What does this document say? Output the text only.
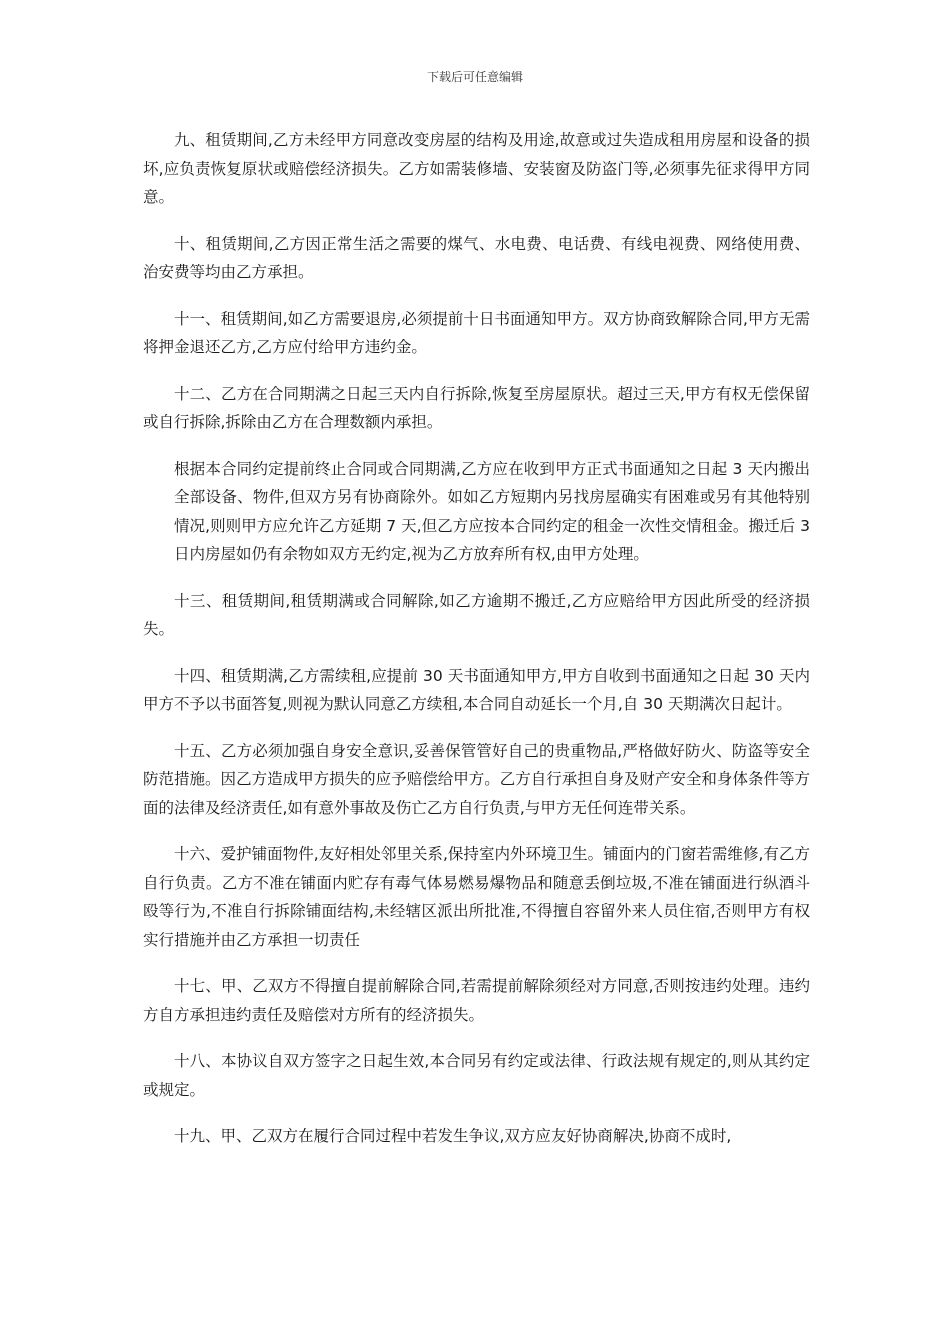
下载后可任意编辑

九、租赁期间,乙方未经甲方同意改变房屋的结构及用途,故意或过失造成租用房屋和设备的损坏,应负责恢复原状或赔偿经济损失。乙方如需装修墙、安装窗及防盗门等,必须事先征求得甲方同意。

十、租赁期间,乙方因正常生活之需要的煤气、水电费、电话费、有线电视费、网络使用费、治安费等均由乙方承担。

十一、租赁期间,如乙方需要退房,必须提前十日书面通知甲方。双方协商致解除合同,甲方无需将押金退还乙方,乙方应付给甲方违约金。

十二、乙方在合同期满之日起三天内自行拆除,恢复至房屋原状。超过三天,甲方有权无偿保留或自行拆除,拆除由乙方在合理数额内承担。

根据本合同约定提前终止合同或合同期满,乙方应在收到甲方正式书面通知之日起 3 天内搬出全部设备、物件,但双方另有协商除外。如如乙方短期内另找房屋确实有困难或另有其他特别情况,则则甲方应允许乙方延期 7 天,但乙方应按本合同约定的租金一次性交情租金。搬迁后 3 日内房屋如仍有余物如双方无约定,视为乙方放弃所有权,由甲方处理。

十三、租赁期间,租赁期满或合同解除,如乙方逾期不搬迁,乙方应赔给甲方因此所受的经济损失。

十四、租赁期满,乙方需续租,应提前 30 天书面通知甲方,甲方自收到书面通知之日起 30 天内甲方不予以书面答复,则视为默认同意乙方续租,本合同自动延长一个月,自 30 天期满次日起计。

十五、乙方必须加强自身安全意识,妥善保管管好自己的贵重物品,严格做好防火、防盗等安全防范措施。因乙方造成甲方损失的应予赔偿给甲方。乙方自行承担自身及财产安全和身体条件等方面的法律及经济责任,如有意外事故及伤亡乙方自行负责,与甲方无任何连带关系。

十六、爱护铺面物件,友好相处邻里关系,保持室内外环境卫生。铺面内的门窗若需维修,有乙方自行负责。乙方不准在铺面内贮存有毒气体易燃易爆物品和随意丢倒垃圾,不准在铺面进行纵酒斗殴等行为,不准自行拆除铺面结构,未经辖区派出所批准,不得擅自容留外来人员住宿,否则甲方有权实行措施并由乙方承担一切责任

十七、甲、乙双方不得擅自提前解除合同,若需提前解除须经对方同意,否则按违约处理。违约方自方承担违约责任及赔偿对方所有的经济损失。

十八、本协议自双方签字之日起生效,本合同另有约定或法律、行政法规有规定的,则从其约定或规定。

十九、甲、乙双方在履行合同过程中若发生争议,双方应友好协商解决,协商不成时,
